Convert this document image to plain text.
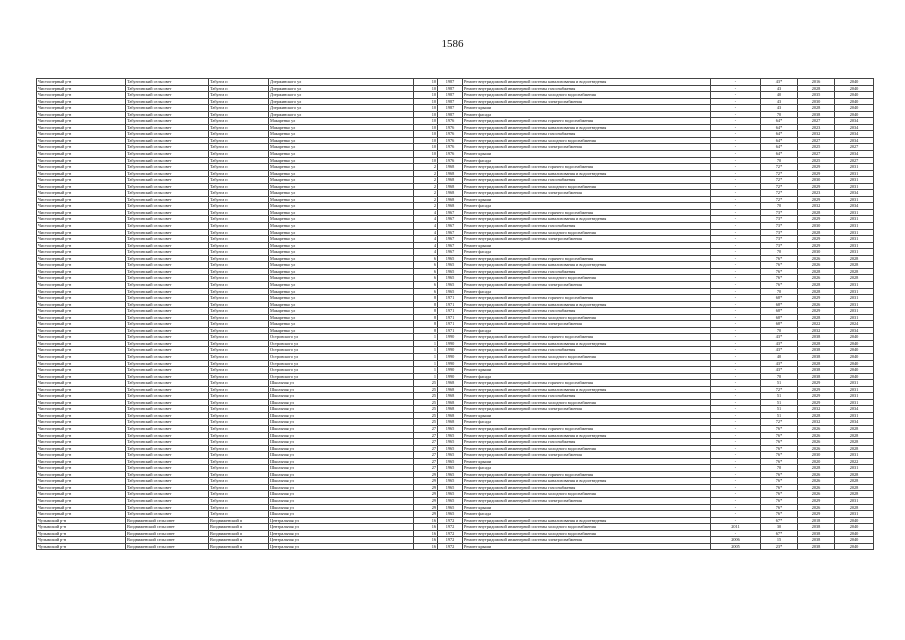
1586
Чистоозерный р-н	Табулгинский сельсовет	Табулга п	Дзержинского ул	10	1987	Ремонт внутридомовой инженерной системы канализования и водоотведения	-	43*	2016	2040
Чистоозерный р-н	Табулгинский сельсовет	Табулга п	Дзержинского ул	10	1987	Ремонт внутридомовой инженерной системы газоснабжения	-	43	2028	2040
Чистоозерный р-н	Табулгинский сельсовет	Табулга п	Дзержинского ул	10	1987	Ремонт внутридомовой инженерной системы холодного водоснабжения	-	40	2035	2040
Чистоозерный р-н	Табулгинский сельсовет	Табулга п	Дзержинского ул	10	1987	Ремонт внутридомовой инженерной системы электроснабжения	-	43	2030	2040
Чистоозерный р-н	Табулгинский сельсовет	Табулга п	Дзержинского ул	10	1987	Ремонт крыши	-	43	2028	2040
Чистоозерный р-н	Табулгинский сельсовет	Табулга п	Дзержинского ул	10	1987	Ремонт фасада	-	70	2038	2040
Чистоозерный р-н	Табулгинский сельсовет	Табулга п	Макаренко ул	10	1976	Ремонт внутридомовой инженерной системы горячего водоснабжения	-	64*	2027	2034
Чистоозерный р-н	Табулгинский сельсовет	Табулга п	Макаренко ул	10	1976	Ремонт внутридомовой инженерной системы канализования и водоотведения	-	64*	2023	2034
Чистоозерный р-н	Табулгинский сельсовет	Табулга п	Макаренко ул	10	1976	Ремонт внутридомовой инженерной системы газоснабжения	-	64*	2032	2034
Чистоозерный р-н	Табулгинский сельсовет	Табулга п	Макаренко ул	10	1976	Ремонт внутридомовой инженерной системы холодного водоснабжения	-	64*	2027	2034
Чистоозерный р-н	Табулгинский сельсовет	Табулга п	Макаренко ул	10	1976	Ремонт внутридомовой инженерной системы электроснабжения	-	64*	2025	2027
Чистоозерный р-н	Табулгинский сельсовет	Табулга п	Макаренко ул	10	1976	Ремонт крыши	-	64*	2027	2034
Чистоозерный р-н	Табулгинский сельсовет	Табулга п	Макаренко ул	10	1976	Ремонт фасада	-	70	2025	2027
Чистоозерный р-н	Табулгинский сельсовет	Табулга п	Макаренко ул	2	1968	Ремонт внутридомовой инженерной системы горячего водоснабжения	-	72*	2029	2031
Чистоозерный р-н	Табулгинский сельсовет	Табулга п	Макаренко ул	2	1968	Ремонт внутридомовой инженерной системы канализования и водоотведения	-	72*	2029	2031
Чистоозерный р-н	Табулгинский сельсовет	Табулга п	Макаренко ул	2	1968	Ремонт внутридомовой инженерной системы газоснабжения	-	72*	2030	2031
Чистоозерный р-н	Табулгинский сельсовет	Табулга п	Макаренко ул	2	1968	Ремонт внутридомовой инженерной системы холодного водоснабжения	-	72*	2029	2031
Чистоозерный р-н	Табулгинский сельсовет	Табулга п	Макаренко ул	2	1968	Ремонт внутридомовой инженерной системы электроснабжения	-	72*	2023	2034
Чистоозерный р-н	Табулгинский сельсовет	Табулга п	Макаренко ул	2	1968	Ремонт крыши	-	72*	2029	2031
Чистоозерный р-н	Табулгинский сельсовет	Табулга п	Макаренко ул	2	1968	Ремонт фасада	-	70	2032	2034
Чистоозерный р-н	Табулгинский сельсовет	Табулга п	Макаренко ул	4	1967	Ремонт внутридомовой инженерной системы горячего водоснабжения	-	73*	2028	2031
Чистоозерный р-н	Табулгинский сельсовет	Табулга п	Макаренко ул	4	1967	Ремонт внутридомовой инженерной системы канализования и водоотведения	-	73*	2029	2031
Чистоозерный р-н	Табулгинский сельсовет	Табулга п	Макаренко ул	4	1967	Ремонт внутридомовой инженерной системы газоснабжения	-	73*	2030	2031
Чистоозерный р-н	Табулгинский сельсовет	Табулга п	Макаренко ул	4	1967	Ремонт внутридомовой инженерной системы холодного водоснабжения	-	73*	2028	2031
Чистоозерный р-н	Табулгинский сельсовет	Табулга п	Макаренко ул	4	1967	Ремонт внутридомовой инженерной системы электроснабжения	-	73*	2029	2031
Чистоозерный р-н	Табулгинский сельсовет	Табулга п	Макаренко ул	4	1967	Ремонт крыши	-	73*	2029	2031
Чистоозерный р-н	Табулгинский сельсовет	Табулга п	Макаренко ул	4	1967	Ремонт фасада	-	70	2030	2031
Чистоозерный р-н	Табулгинский сельсовет	Табулга п	Макаренко ул	6	1965	Ремонт внутридомовой инженерной системы горячего водоснабжения	-	76*	2026	2028
Чистоозерный р-н	Табулгинский сельсовет	Табулга п	Макаренко ул	6	1965	Ремонт внутридомовой инженерной системы канализования и водоотведения	-	76*	2026	2028
Чистоозерный р-н	Табулгинский сельсовет	Табулга п	Макаренко ул	6	1965	Ремонт внутридомовой инженерной системы газоснабжения	-	76*	2028	2028
Чистоозерный р-н	Табулгинский сельсовет	Табулга п	Макаренко ул	6	1965	Ремонт внутридомовой инженерной системы холодного водоснабжения	-	76*	2026	2028
Чистоозерный р-н	Табулгинский сельсовет	Табулга п	Макаренко ул	6	1965	Ремонт внутридомовой инженерной системы электроснабжения	-	76*	2028	2031
Чистоозерный р-н	Табулгинский сельсовет	Табулга п	Макаренко ул	6	1965	Ремонт фасада	-	70	2028	2031
Чистоозерный р-н	Табулгинский сельсовет	Табулга п	Макаренко ул	8	1971	Ремонт внутридомовой инженерной системы горячего водоснабжения	-	68*	2029	2031
Чистоозерный р-н	Табулгинский сельсовет	Табулга п	Макаренко ул	8	1971	Ремонт внутридомовой инженерной системы канализования и водоотведения	-	68*	2026	2031
Чистоозерный р-н	Табулгинский сельсовет	Табулга п	Макаренко ул	8	1971	Ремонт внутридомовой инженерной системы газоснабжения	-	68*	2029	2031
Чистоозерный р-н	Табулгинский сельсовет	Табулга п	Макаренко ул	8	1971	Ремонт внутридомовой инженерной системы холодного водоснабжения	-	68*	2028	2031
Чистоозерный р-н	Табулгинский сельсовет	Табулга п	Макаренко ул	8	1971	Ремонт внутридомовой инженерной системы электроснабжения	-	68*	2022	2024
Чистоозерный р-н	Табулгинский сельсовет	Табулга п	Макаренко ул	8	1971	Ремонт фасада	-	70	2032	2034
Чистоозерный р-н	Табулгинский сельсовет	Табулга п	Островского ул	1	1990	Ремонт внутридомовой инженерной системы горячего водоснабжения	-	43*	2038	2040
Чистоозерный р-н	Табулгинский сельсовет	Табулга п	Островского ул	1	1990	Ремонт внутридомовой инженерной системы канализования и водоотведения	-	43*	2028	2040
Чистоозерный р-н	Табулгинский сельсовет	Табулга п	Островского ул	1	1990	Ремонт внутридомовой инженерной системы газоснабжения	-	43*	2038	2040
Чистоозерный р-н	Табулгинский сельсовет	Табулга п	Островского ул	1	1990	Ремонт внутридомовой инженерной системы холодного водоснабжения	-	40	2038	2040
Чистоозерный р-н	Табулгинский сельсовет	Табулга п	Островского ул	1	1990	Ремонт внутридомовой инженерной системы электроснабжения	-	43*	2028	2040
Чистоозерный р-н	Табулгинский сельсовет	Табулга п	Островского ул	1	1990	Ремонт крыши	-	43*	2038	2040
Чистоозерный р-н	Табулгинский сельсовет	Табулга п	Островского ул	1	1990	Ремонт фасада	-	70	2038	2040
Чистоозерный р-н	Табулгинский сельсовет	Табулга п	Школьная ул	25	1968	Ремонт внутридомовой инженерной системы горячего водоснабжения	-	51	2029	2031
Чистоозерный р-н	Табулгинский сельсовет	Табулга п	Школьная ул	25	1968	Ремонт внутридомовой инженерной системы канализования и водоотведения	-	72*	2029	2031
Чистоозерный р-н	Табулгинский сельсовет	Табулга п	Школьная ул	25	1968	Ремонт внутридомовой инженерной системы газоснабжения	-	51	2029	2031
Чистоозерный р-н	Табулгинский сельсовет	Табулга п	Школьная ул	25	1968	Ремонт внутридомовой инженерной системы холодного водоснабжения	-	51	2029	2031
Чистоозерный р-н	Табулгинский сельсовет	Табулга п	Школьная ул	25	1968	Ремонт внутридомовой инженерной системы электроснабжения	-	51	2032	2034
Чистоозерный р-н	Табулгинский сельсовет	Табулга п	Школьная ул	25	1968	Ремонт крыши	-	51	2028	2031
Чистоозерный р-н	Табулгинский сельсовет	Табулга п	Школьная ул	25	1968	Ремонт фасада	-	72*	2032	2034
Чистоозерный р-н	Табулгинский сельсовет	Табулга п	Школьная ул	27	1965	Ремонт внутридомовой инженерной системы горячего водоснабжения	-	76*	2026	2028
Чистоозерный р-н	Табулгинский сельсовет	Табулга п	Школьная ул	27	1965	Ремонт внутридомовой инженерной системы канализования и водоотведения	-	76*	2026	2028
Чистоозерный р-н	Табулгинский сельсовет	Табулга п	Школьная ул	27	1965	Ремонт внутридомовой инженерной системы газоснабжения	-	76*	2026	2028
Чистоозерный р-н	Табулгинский сельсовет	Табулга п	Школьная ул	27	1965	Ремонт внутридомовой инженерной системы холодного водоснабжения	-	76*	2026	2028
Чистоозерный р-н	Табулгинский сельсовет	Табулга п	Школьная ул	27	1965	Ремонт внутридомовой инженерной системы электроснабжения	-	76*	2030	2031
Чистоозерный р-н	Табулгинский сельсовет	Табулга п	Школьная ул	27	1965	Ремонт крыши	-	76*	2020	2022
Чистоозерный р-н	Табулгинский сельсовет	Табулга п	Школьная ул	27	1965	Ремонт фасада	-	70	2028	2031
Чистоозерный р-н	Табулгинский сельсовет	Табулга п	Школьная ул	29	1965	Ремонт внутридомовой инженерной системы горячего водоснабжения	-	76*	2026	2028
Чистоозерный р-н	Табулгинский сельсовет	Табулга п	Школьная ул	29	1965	Ремонт внутридомовой инженерной системы канализования и водоотведения	-	76*	2026	2028
Чистоозерный р-н	Табулгинский сельсовет	Табулга п	Школьная ул	29	1965	Ремонт внутридомовой инженерной системы газоснабжения	-	76*	2026	2028
Чистоозерный р-н	Табулгинский сельсовет	Табулга п	Школьная ул	29	1965	Ремонт внутридомовой инженерной системы холодного водоснабжения	-	76*	2026	2028
Чистоозерный р-н	Табулгинский сельсовет	Табулга п	Школьная ул	29	1965	Ремонт внутридомовой инженерной системы электроснабжения	-	76*	2029	2031
Чистоозерный р-н	Табулгинский сельсовет	Табулга п	Школьная ул	29	1965	Ремонт крыши	-	76*	2026	2028
Чистоозерный р-н	Табулгинский сельсовет	Табулга п	Школьная ул	29	1965	Ремонт фасада	-	76*	2029	2031
Чулымский р-н	Воздвиженский сельсовет	Воздвиженский п	Центральная ул	16	1972	Ремонт внутридомовой инженерной системы канализования и водоотведения	-	67*	2018	2040
Чулымский р-н	Воздвиженский сельсовет	Воздвиженский п	Центральная ул	16	1972	Ремонт внутридомовой инженерной системы холодного водоснабжения	2011	30	2038	2040
Чулымский р-н	Воздвиженский сельсовет	Воздвиженский п	Центральная ул	16	1972	Ремонт внутридомовой инженерной системы холодного водоснабжения	-	67*	2038	2040
Чулымский р-н	Воздвиженский сельсовет	Воздвиженский п	Центральная ул	16	1972	Ремонт внутридомовой инженерной системы электроснабжения	2006	15	2038	2040
Чулымский р-н	Воздвиженский сельсовет	Воздвиженский п	Центральная ул	16	1972	Ремонт крыши	2005	23*	2038	2040
